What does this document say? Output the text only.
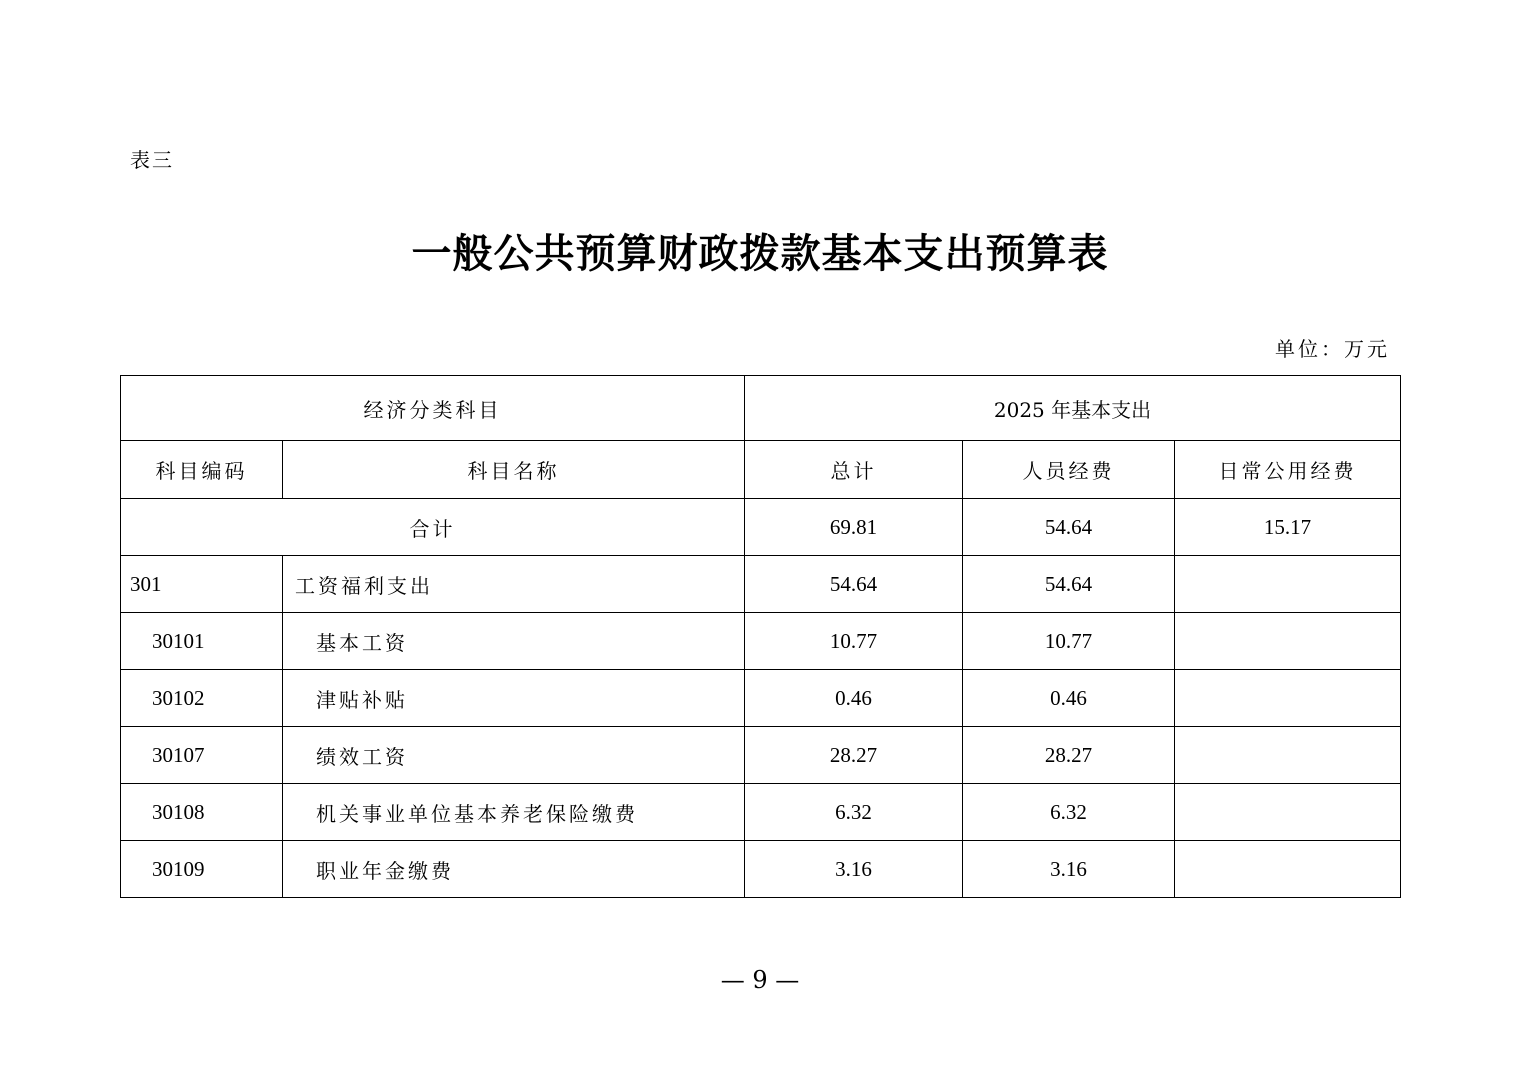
表三
一般公共预算财政拨款基本支出预算表
单位：万元
经济分类科目		2025 年基本支出		
科目编码	科目名称	总计	人员经费	日常公用经费
合计		69.81	54.64	15.17
301	工资福利支出	54.64	54.64	
30101	基本工资	10.77	10.77	
30102	津贴补贴	0.46	0.46	
30107	绩效工资	28.27	28.27	
30108	机关事业单位基本养老保险缴费	6.32	6.32	
30109	职业年金缴费	3.16	3.16	
— 9 —
